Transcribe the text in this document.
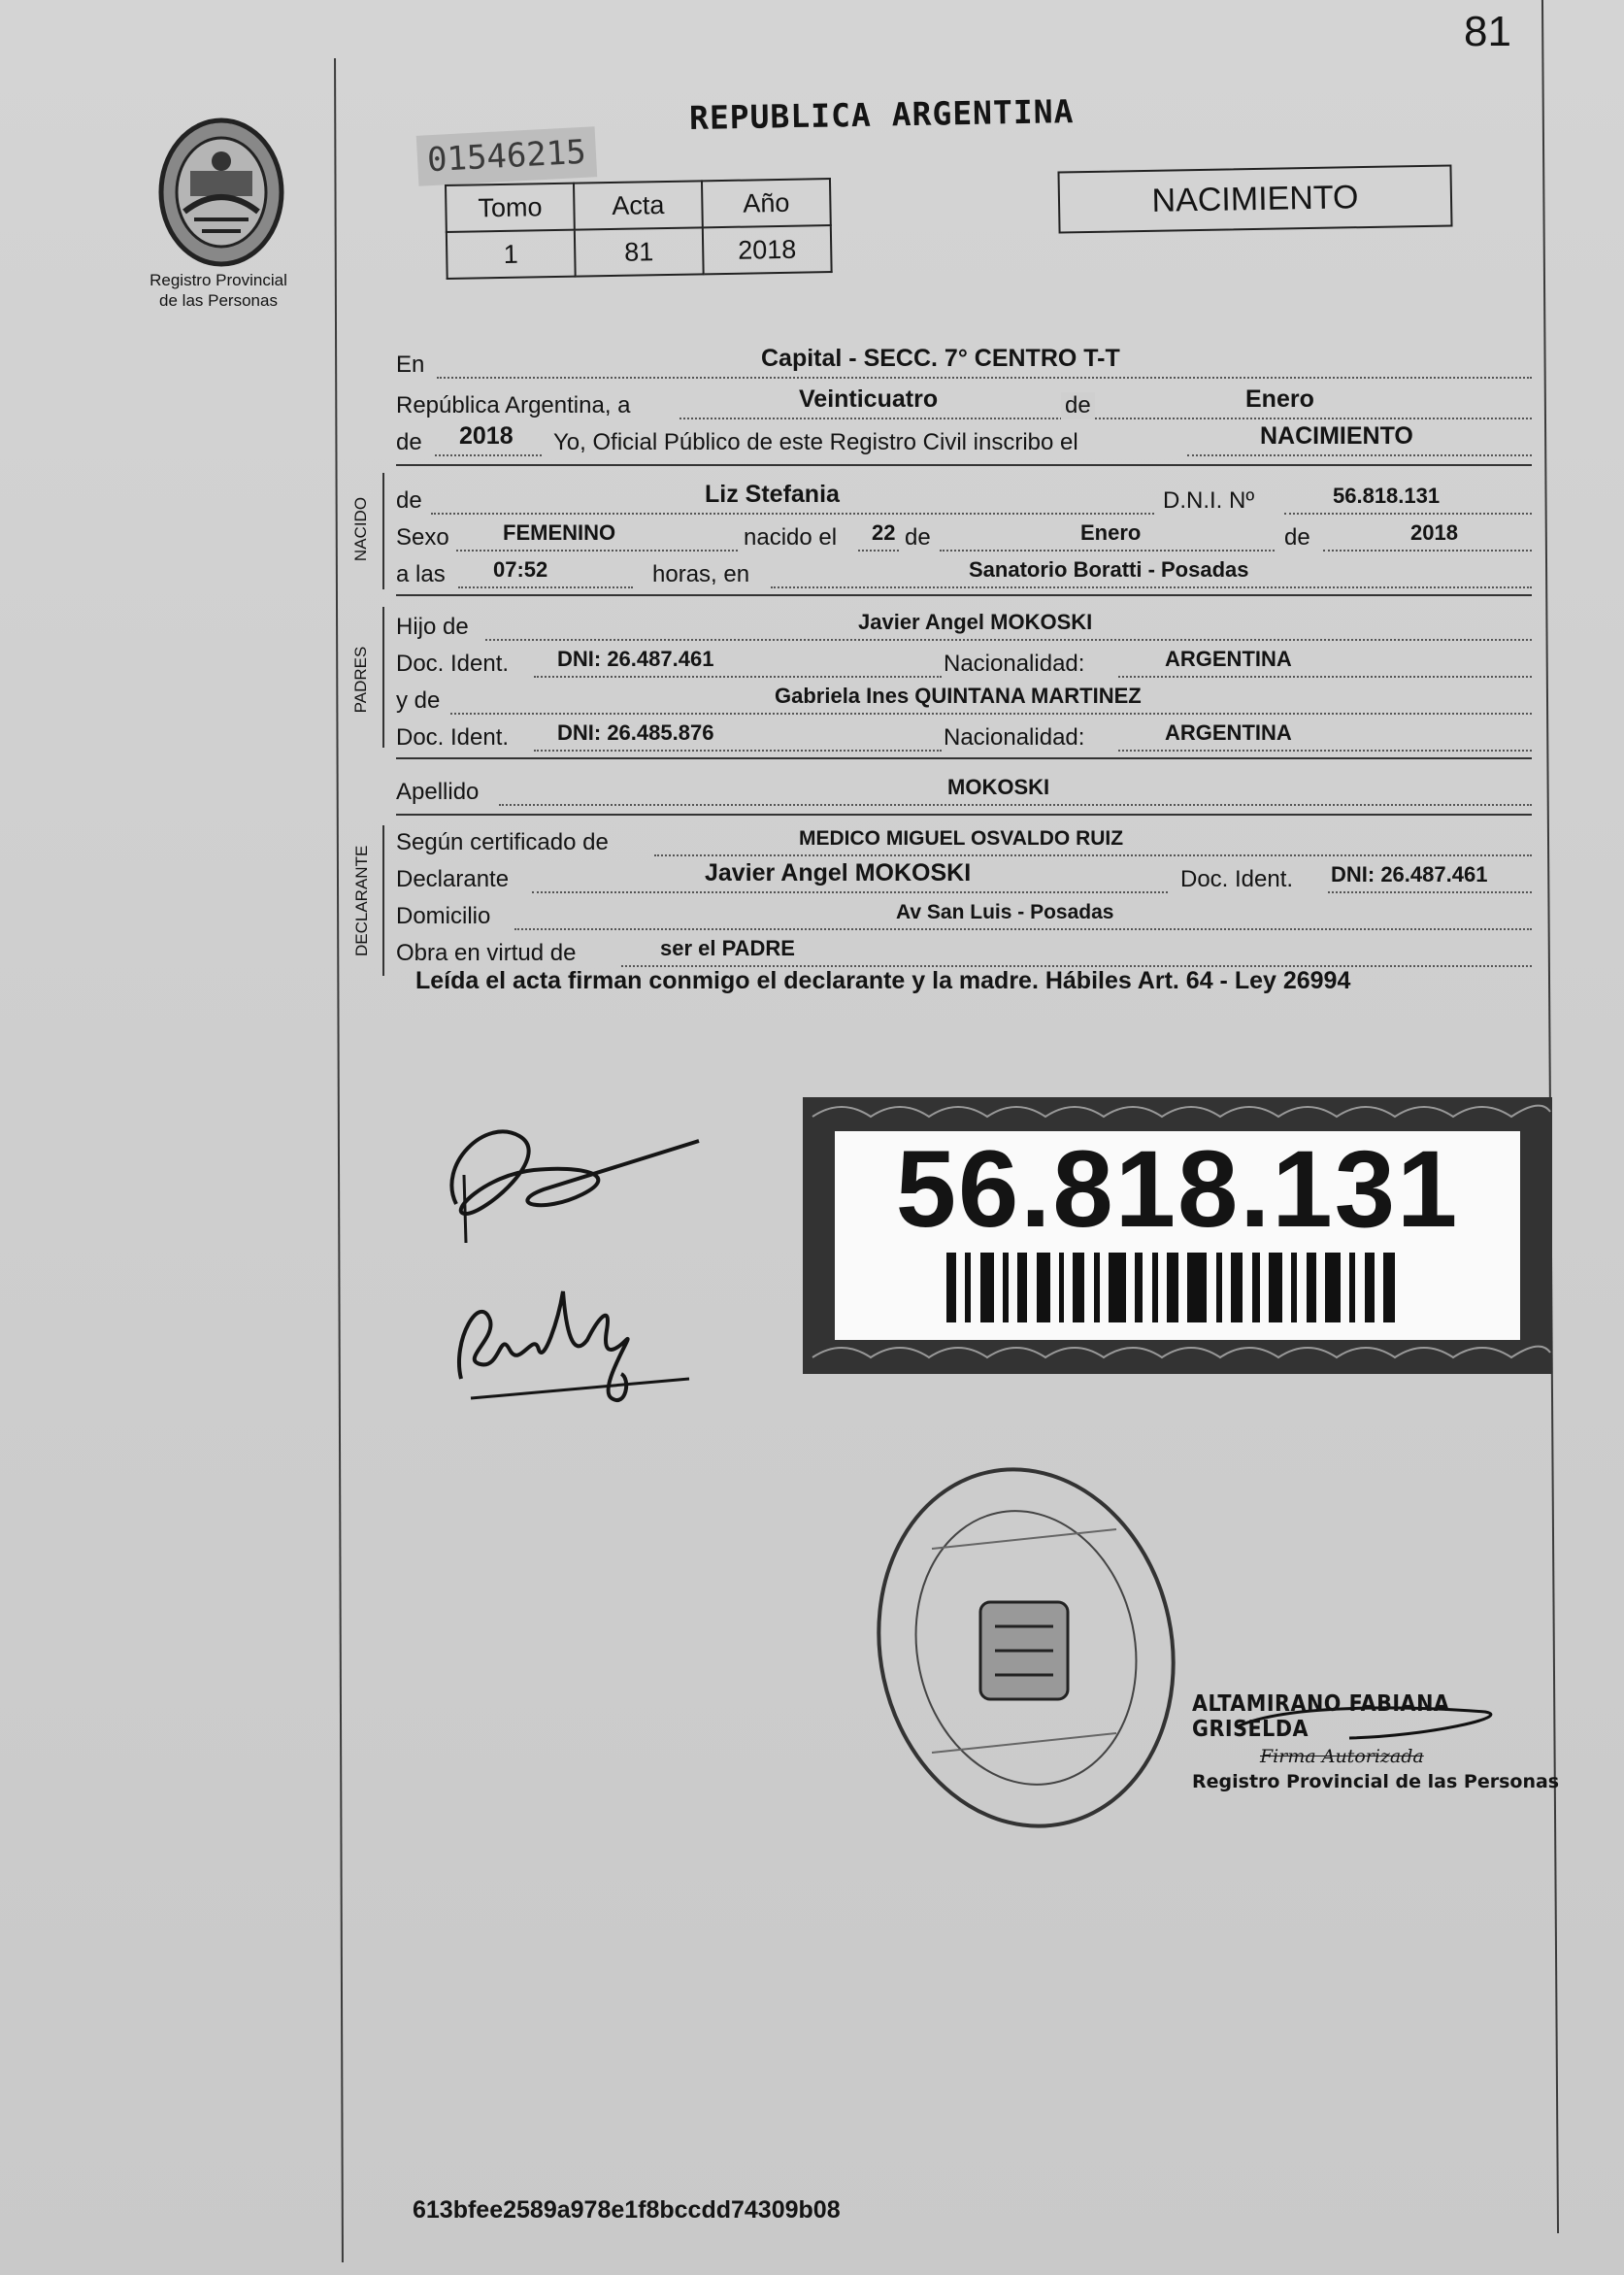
81
Registro Provincial
de las Personas
REPUBLICA ARGENTINA
01546215
Tomo	Acta	Año
1	81	2018
NACIMIENTO
En	Capital - SECC. 7° CENTRO T-T
República Argentina, a	Veinticuatro	de	Enero
de 2018 Yo, Oficial Público de este Registro Civil inscribo el	NACIMIENTO
NACIDO de	Liz Stefania	D.N.I. Nº	56.818.131
Sexo	FEMENINO	nacido el 22 de	Enero	de	2018
a las 07:52	horas, en	Sanatorio Boratti - Posadas
PADRES
Hijo de	Javier Angel MOKOSKI
Doc. Ident. DNI: 26.487.461	Nacionalidad:	ARGENTINA
y de	Gabriela Ines QUINTANA MARTINEZ
Doc. Ident. DNI: 26.485.876	Nacionalidad:	ARGENTINA
Apellido	MOKOSKI
DECLARANTE
Según certificado de	MEDICO MIGUEL OSVALDO RUIZ
Declarante	Javier Angel MOKOSKI	Doc. Ident. DNI: 26.487.461
Domicilio	Av San Luis - Posadas
Obra en virtud de	ser el PADRE
Leída el acta firman conmigo el declarante y la madre. Hábiles Art. 64 - Ley 26994
56.818.131
ALTAMIRANO FABIANA GRISELDA
Firma Autorizada
Registro Provincial de las Personas
613bfee2589a978e1f8bccdd74309b08
